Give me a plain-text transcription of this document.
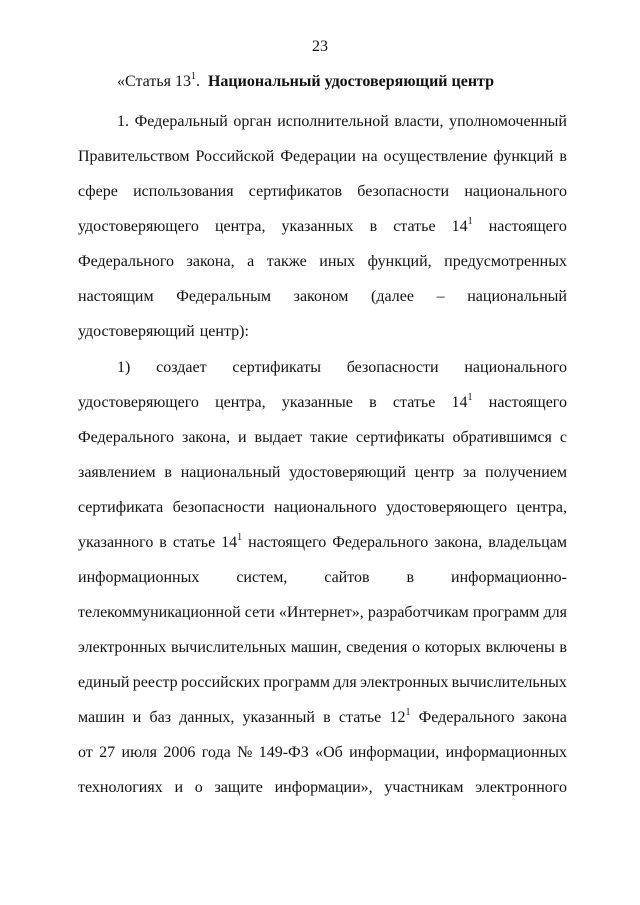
23
«Статья $13^1$. Национальный удостоверяющий центр
1. Федеральный орган исполнительной власти, уполномоченный
Правительством Российской Федерации на осуществление функций в
сфере использования сертификатов безопасности национального
удостоверяющего центра, указанных в статье $14^1$ настоящего
Федерального закона, а также иных функций, предусмотренных
настоящим Федеральным законом (далее – национальный
удостоверяющий центр):
1) создает сертификаты безопасности национального
удостоверяющего центра, указанные в статье $14^1$ настоящего
Федерального закона, и выдает такие сертификаты обратившимся с
заявлением в национальный удостоверяющий центр за получением
сертификата безопасности национального удостоверяющего центра,
указанного в статье $14^1$ настоящего Федерального закона, владельцам
информационных систем, сайтов в информационно-
телекоммуникационной сети «Интернет», разработчикам программ для
электронных вычислительных машин, сведения о которых включены в
единый реестр российских программ для электронных вычислительных
машин и баз данных, указанный в статье $12^1$ Федерального закона
от 27 июля 2006 года № 149-ФЗ «Об информации, информационных
технологиях и о защите информации», участникам электронного
